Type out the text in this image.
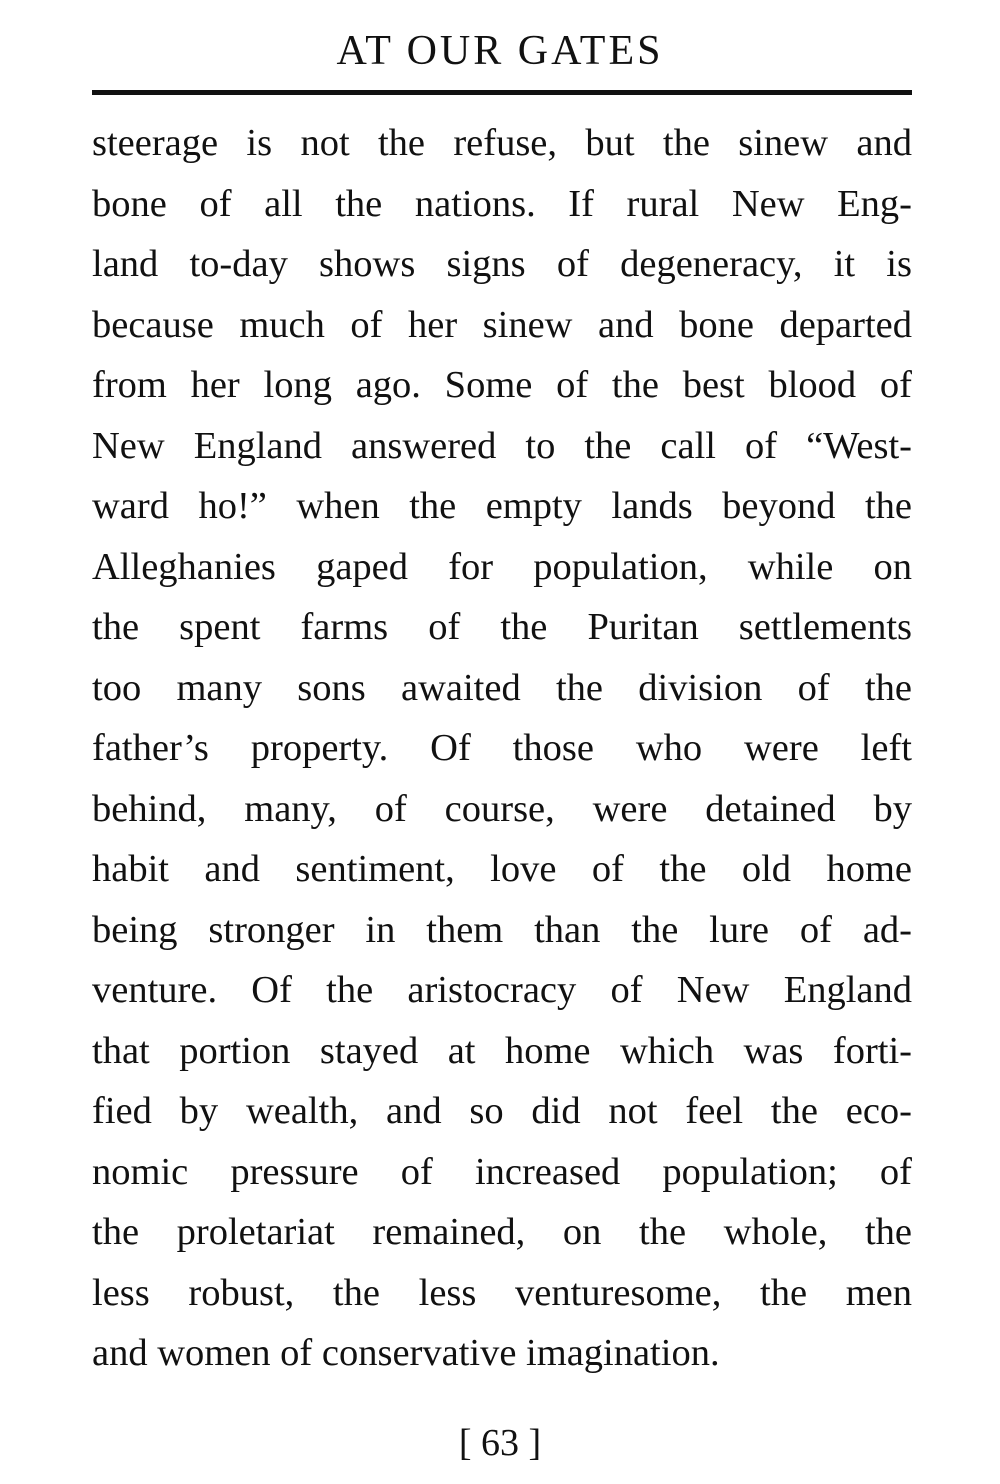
AT OUR GATES
steerage is not the refuse, but the sinew and
bone of all the nations. If rural New Eng-
land to-day shows signs of degeneracy, it is
because much of her sinew and bone departed
from her long ago. Some of the best blood of
New England answered to the call of “West-
ward ho!” when the empty lands beyond the
Alleghanies gaped for population, while on
the spent farms of the Puritan settlements
too many sons awaited the division of the
father’s property. Of those who were left
behind, many, of course, were detained by
habit and sentiment, love of the old home
being stronger in them than the lure of ad-
venture. Of the aristocracy of New England
that portion stayed at home which was forti-
fied by wealth, and so did not feel the eco-
nomic pressure of increased population; of
the proletariat remained, on the whole, the
less robust, the less venturesome, the men
and women of conservative imagination.
[ 63 ]
